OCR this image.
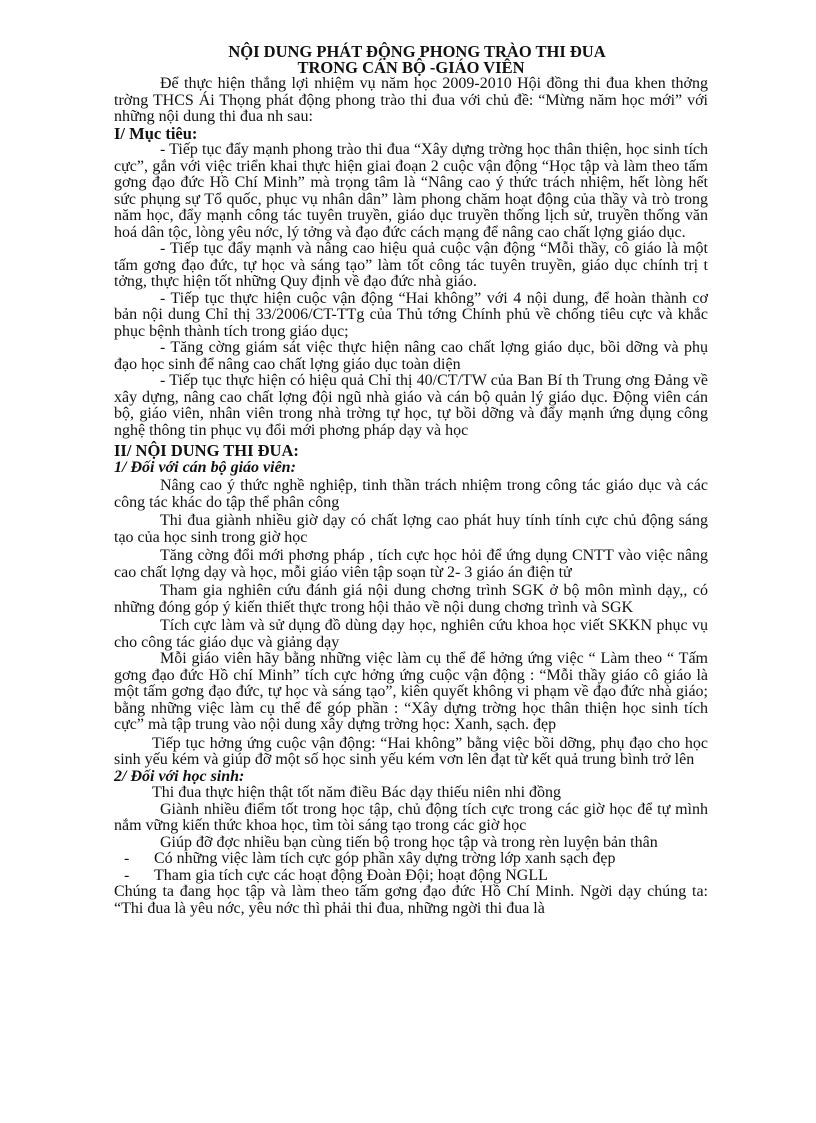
NỘI DUNG PHÁT ĐỘNG PHONG TRÀO THI ĐUA
TRONG CÁN BỘ -GIÁO VIÊN

Để thực hiện thắng lợi nhiệm vụ năm học 2009-2010 Hội đồng thi đua khen thởng trờng THCS Ái Thọng phát động phong trào thi đua với chủ đề: “Mừng năm học mới” với những nội dung thi đua nh sau:

I/ Mục tiêu:

- Tiếp tục đẩy mạnh phong trào thi đua “Xây dựng trờng học thân thiện, học sinh tích cực”, gắn với việc triển khai thực hiện giai đoạn 2 cuộc vận động “Học tập và làm theo tấm gơng đạo đức Hồ Chí Minh” mà trọng tâm là “Nâng cao ý thức trách nhiệm, hết lòng hết sức phụng sự Tổ quốc, phục vụ nhân dân” làm phong chăm hoạt động của thầy và trò trong năm học, đẩy mạnh công tác tuyên truyền, giáo dục truyền thống lịch sử, truyền thống văn hoá dân tộc, lòng yêu nớc, lý tởng và đạo đức cách mạng để nâng cao chất lợng giáo dục.

- Tiếp tục đẩy mạnh và nâng cao hiệu quả cuộc vận động “Mỗi thầy, cô giáo là một tấm gơng đạo đức, tự học và sáng tạo” làm tốt công tác tuyên truyền, giáo dục chính trị t tởng, thực hiện tốt những Quy định về đạo đức nhà giáo.

- Tiếp tục thực hiện cuộc vận động “Hai không” với 4 nội dung, để hoàn thành cơ bản nội dung Chỉ thị 33/2006/CT-TTg của Thủ tớng Chính phủ về chống tiêu cực và khắc phục bệnh thành tích trong giáo dục;

- Tăng cờng giám sát việc thực hiện nâng cao chất lợng giáo dục, bồi dỡng và phụ đạo học sinh để nâng cao chất lợng giáo dục toàn diện

- Tiếp tục thực hiện có hiệu quả Chỉ thị 40/CT/TW của Ban Bí th Trung ơng Đảng về xây dựng, nâng cao chất lợng đội ngũ nhà giáo và cán bộ quản lý giáo dục. Động viên cán bộ, giáo viên, nhân viên trong nhà trờng tự học, tự bồi dỡng và đẩy mạnh ứng dụng công nghệ thông tin phục vụ đổi mới phơng pháp dạy và học

II/ NỘI DUNG THI ĐUA:
1/ Đối với cán bộ giáo viên:

Nâng cao ý thức nghề nghiệp, tinh thần trách nhiệm trong công tác giáo dục và các công tác khác do tập thể phân công

Thi đua giành nhiều giờ dạy có chất lợng cao phát huy tính tính cực chủ động sáng tạo của học sinh trong giờ học

Tăng cờng đổi mới phơng pháp , tích cực học hỏi để ứng dụng CNTT vào việc nâng cao chất lợng dạy và học, mỗi giáo viên tập soạn từ 2- 3 giáo án điện tử

Tham gia nghiên cứu đánh giá nội dung chơng trình SGK ở bộ môn mình dạy,, có những đóng góp ý kiến thiết thực trong hội thảo về nội dung chơng trình và SGK

Tích cực làm và sử dụng đồ dùng dạy học, nghiên cứu khoa học viết SKKN phục vụ cho công tác giáo dục và giảng dạy

Mỗi giáo viên hãy bằng những việc làm cụ thể để hởng ứng việc “ Làm theo “ Tấm gơng đạo đức Hồ chí Minh” tích cực hởng ứng cuộc vận động : “Mỗi thầy giáo cô giáo là một tấm gơng đạo đức, tự học và sáng tạo”, kiên quyết không vi phạm về đạo đức nhà giáo; bằng những việc làm cụ thể để góp phần : “Xây dựng trờng học thân thiện học sinh tích cực” mà tập trung vào nội dung xây dựng trờng học: Xanh, sạch. đẹp

Tiếp tục hởng ứng cuộc vận động: “Hai không” bằng việc bồi dỡng, phụ đạo cho học sinh yếu kém và giúp đỡ một số học sinh yếu kém vơn lên đạt từ kết quả trung bình trở lên

2/ Đối với học sinh:

Thi đua thực hiện thật tốt năm điều Bác dạy thiếu niên nhi đồng

Giành nhiều điểm tốt trong học tập, chủ động tích cực trong các giờ học để tự mình nắm vững kiến thức khoa học, tìm tòi sáng tạo trong các giờ học

Giúp đỡ đợc nhiều bạn cùng tiến bộ trong học tập và trong rèn luyện bản thân

-	Có những việc làm tích cực góp phần xây dựng trờng lớp xanh sạch đẹp
-	Tham gia tích cực các hoạt động Đoàn Đội; hoạt động NGLL

Chúng ta đang học tập và làm theo tấm gơng đạo đức Hồ Chí Minh. Ngời dạy chúng ta: “Thi đua là yêu nớc, yêu nớc thì phải thi đua, những ngời thi đua là
